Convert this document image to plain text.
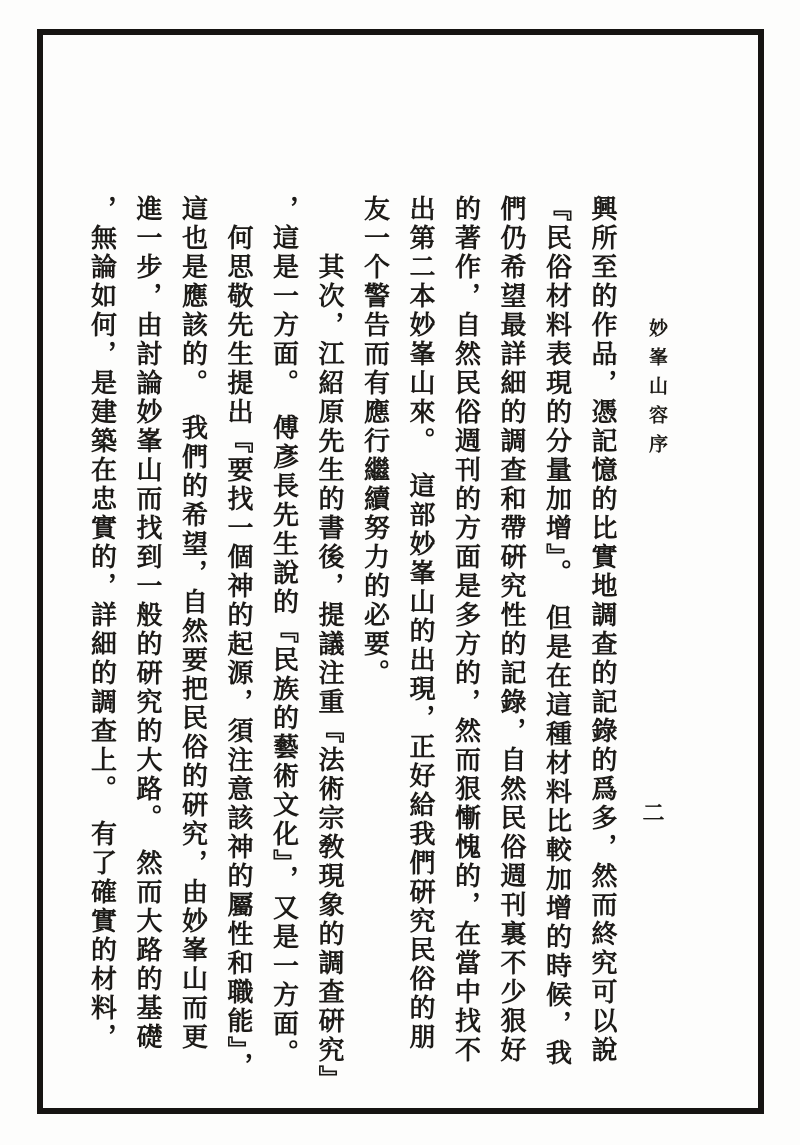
妙峯山容序
二

興所至的作品，憑記憶的比實地調查的記錄的爲多，然而終究可以說

『民俗材料表現的分量加增』。　但是在這種材料比較加增的時候，我

們仍希望最詳細的調查和帶硏究性的記錄，自然民俗週刊裏不少狠好

的著作，自然民俗週刊的方面是多方的，然而狠慚愧的，在當中找不

出第二本妙峯山來。　這部妙峯山的出現，正好給我們硏究民俗的朋

友一个警告而有應行繼續努力的必要。

　　其次，江紹原先生的書後，提議注重『法術宗敎現象的調查硏究』

，這是一方面。　傅彥長先生說的『民族的藝術文化』，又是一方面。

　何思敬先生提出『要找一個神的起源，須注意該神的屬性和職能』，

這也是應該的。　我們的希望，自然要把民俗的硏究，由妙峯山而更

進一步，由討論妙峯山而找到一般的硏究的大路。　然而大路的基礎

，無論如何，是建築在忠實的，詳細的調查上。　有了確實的材料，
